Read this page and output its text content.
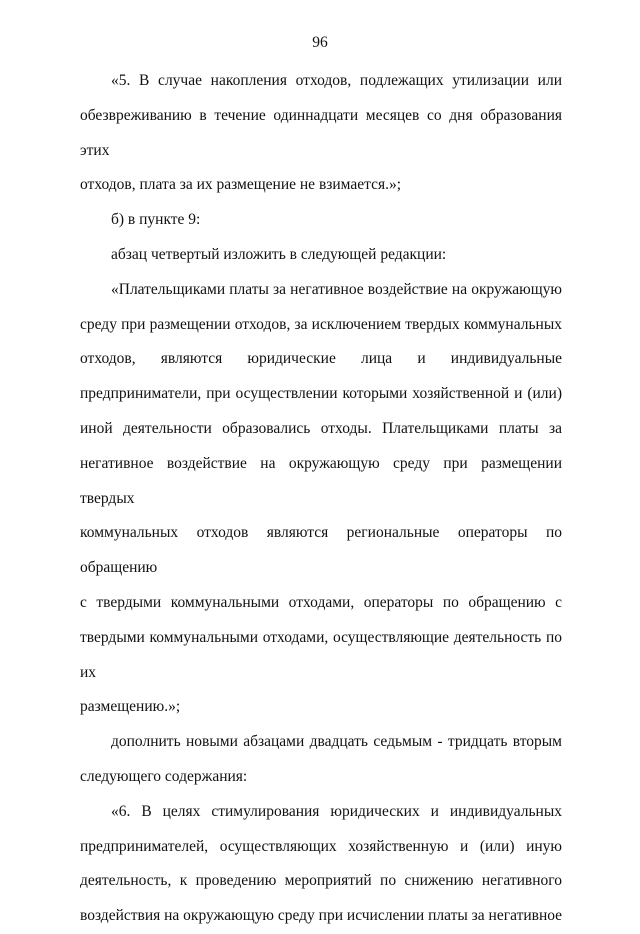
96
«5. В случае накопления отходов, подлежащих утилизации или
обезвреживанию в течение одиннадцати месяцев со дня образования этих
отходов, плата за их размещение не взимается.»;
б) в пункте 9:
абзац четвертый изложить в следующей редакции:
«Плательщиками платы за негативное воздействие на окружающую
среду при размещении отходов, за исключением твердых коммунальных
отходов, являются юридические лица и индивидуальные
предприниматели, при осуществлении которыми хозяйственной и (или)
иной деятельности образовались отходы. Плательщиками платы за
негативное воздействие на окружающую среду при размещении твердых
коммунальных отходов являются региональные операторы по обращению
с твердыми коммунальными отходами, операторы по обращению с
твердыми коммунальными отходами, осуществляющие деятельность по их
размещению.»;
дополнить новыми абзацами двадцать седьмым - тридцать вторым
следующего содержания:
«6. В целях стимулирования юридических и индивидуальных
предпринимателей, осуществляющих хозяйственную и (или) иную
деятельность, к проведению мероприятий по снижению негативного
воздействия на окружающую среду при исчислении платы за негативное
